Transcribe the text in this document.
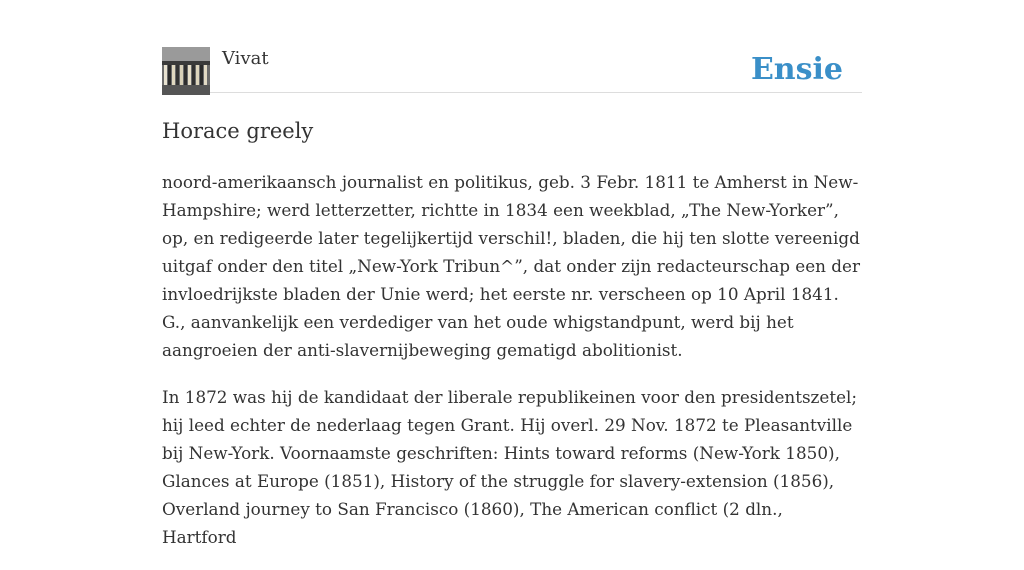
Vivat	Ensie
Horace greely

noord-amerikaansch journalist en politikus, geb. 3 Febr. 1811 te Amherst in New-Hampshire; werd letterzetter, richtte in 1834 een weekblad, „The New-Yorker”, op, en redigeerde later tegelijkertijd verschil!, bladen, die hij ten slotte vereenigd uitgaf onder den titel „New-York Tribun^”, dat onder zijn redacteurschap een der invloedrijkste bladen der Unie werd; het eerste nr. verscheen op 10 April 1841. G., aanvankelijk een verdediger van het oude whigstandpunt, werd bij het aangroeien der anti-slavernijbeweging gematigd abolitionist.

In 1872 was hij de kandidaat der liberale republikeinen voor den presidentszetel; hij leed echter de nederlaag tegen Grant. Hij overl. 29 Nov. 1872 te Pleasantville bij New-York. Voornaamste geschriften: Hints toward reforms (New-York 1850), Glances at Europe (1851), History of the struggle for slavery-extension (1856), Overland journey to San Francisco (1860), The American conflict (2 dln., Hartford
